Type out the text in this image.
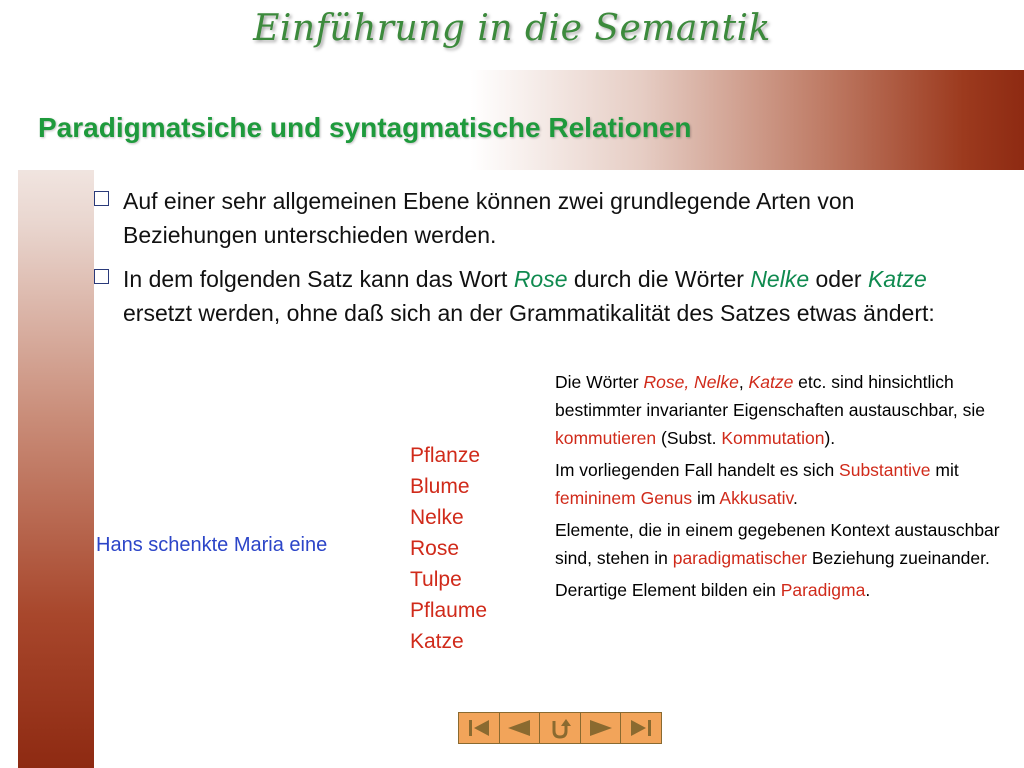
Einführung in die Semantik
Paradigmatsiche und syntagmatische Relationen
Auf einer sehr allgemeinen Ebene können zwei grundlegende Arten von Beziehungen unterschieden werden.
In dem folgenden Satz kann das Wort Rose durch die Wörter Nelke oder Katze ersetzt werden, ohne daß sich an der Grammatikalität des Satzes etwas ändert:
Hans schenkte Maria eine
Pflanze
Blume
Nelke
Rose
Tulpe
Pflaume
Katze

Die Wörter Rose, Nelke, Katze etc. sind hinsichtlich bestimmter invarianter Eigenschaften austauschbar, sie kommutieren (Subst. Kommutation).

Im vorliegenden Fall handelt es sich Substantive mit femininem Genus im Akkusativ.

Elemente, die in einem gegebenen Kontext austauschbar sind, stehen in paradigmatischer Beziehung zueinander.

Derartige Element bilden ein Paradigma.
